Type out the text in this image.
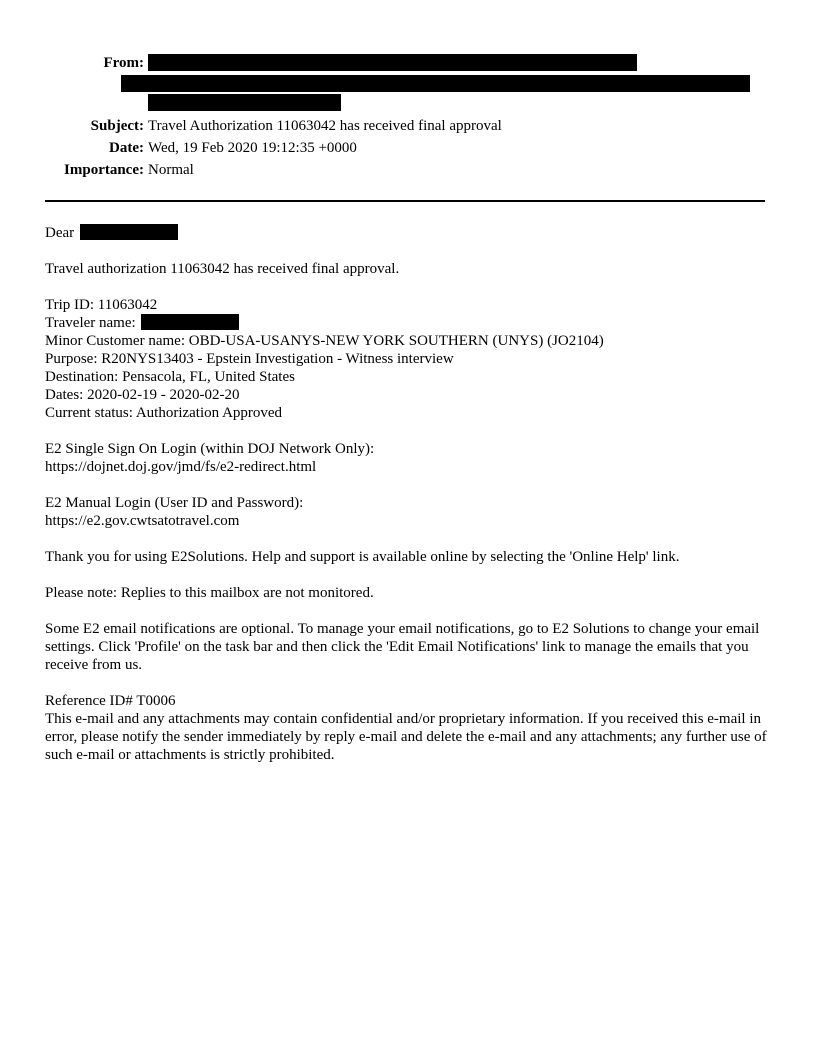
From:
Subject: Travel Authorization 11063042 has received final approval
Date: Wed, 19 Feb 2020 19:12:35 +0000
Importance: Normal
Dear
Travel authorization 11063042 has received final approval.
Trip ID: 11063042
Traveler name:
Minor Customer name: OBD-USA-USANYS-NEW YORK SOUTHERN (UNYS) (JO2104)
Purpose: R20NYS13403 - Epstein Investigation - Witness interview
Destination: Pensacola, FL, United States
Dates: 2020-02-19 - 2020-02-20
Current status: Authorization Approved
E2 Single Sign On Login (within DOJ Network Only):
https://dojnet.doj.gov/jmd/fs/e2-redirect.html
E2 Manual Login (User ID and Password):
https://e2.gov.cwtsatotravel.com
Thank you for using E2Solutions. Help and support is available online by selecting the 'Online Help' link.
Please note: Replies to this mailbox are not monitored.
Some E2 email notifications are optional. To manage your email notifications, go to E2 Solutions to change your email settings. Click 'Profile' on the task bar and then click the 'Edit Email Notifications' link to manage the emails that you receive from us.
Reference ID# T0006
This e-mail and any attachments may contain confidential and/or proprietary information. If you received this e-mail in error, please notify the sender immediately by reply e-mail and delete the e-mail and any attachments; any further use of such e-mail or attachments is strictly prohibited.
